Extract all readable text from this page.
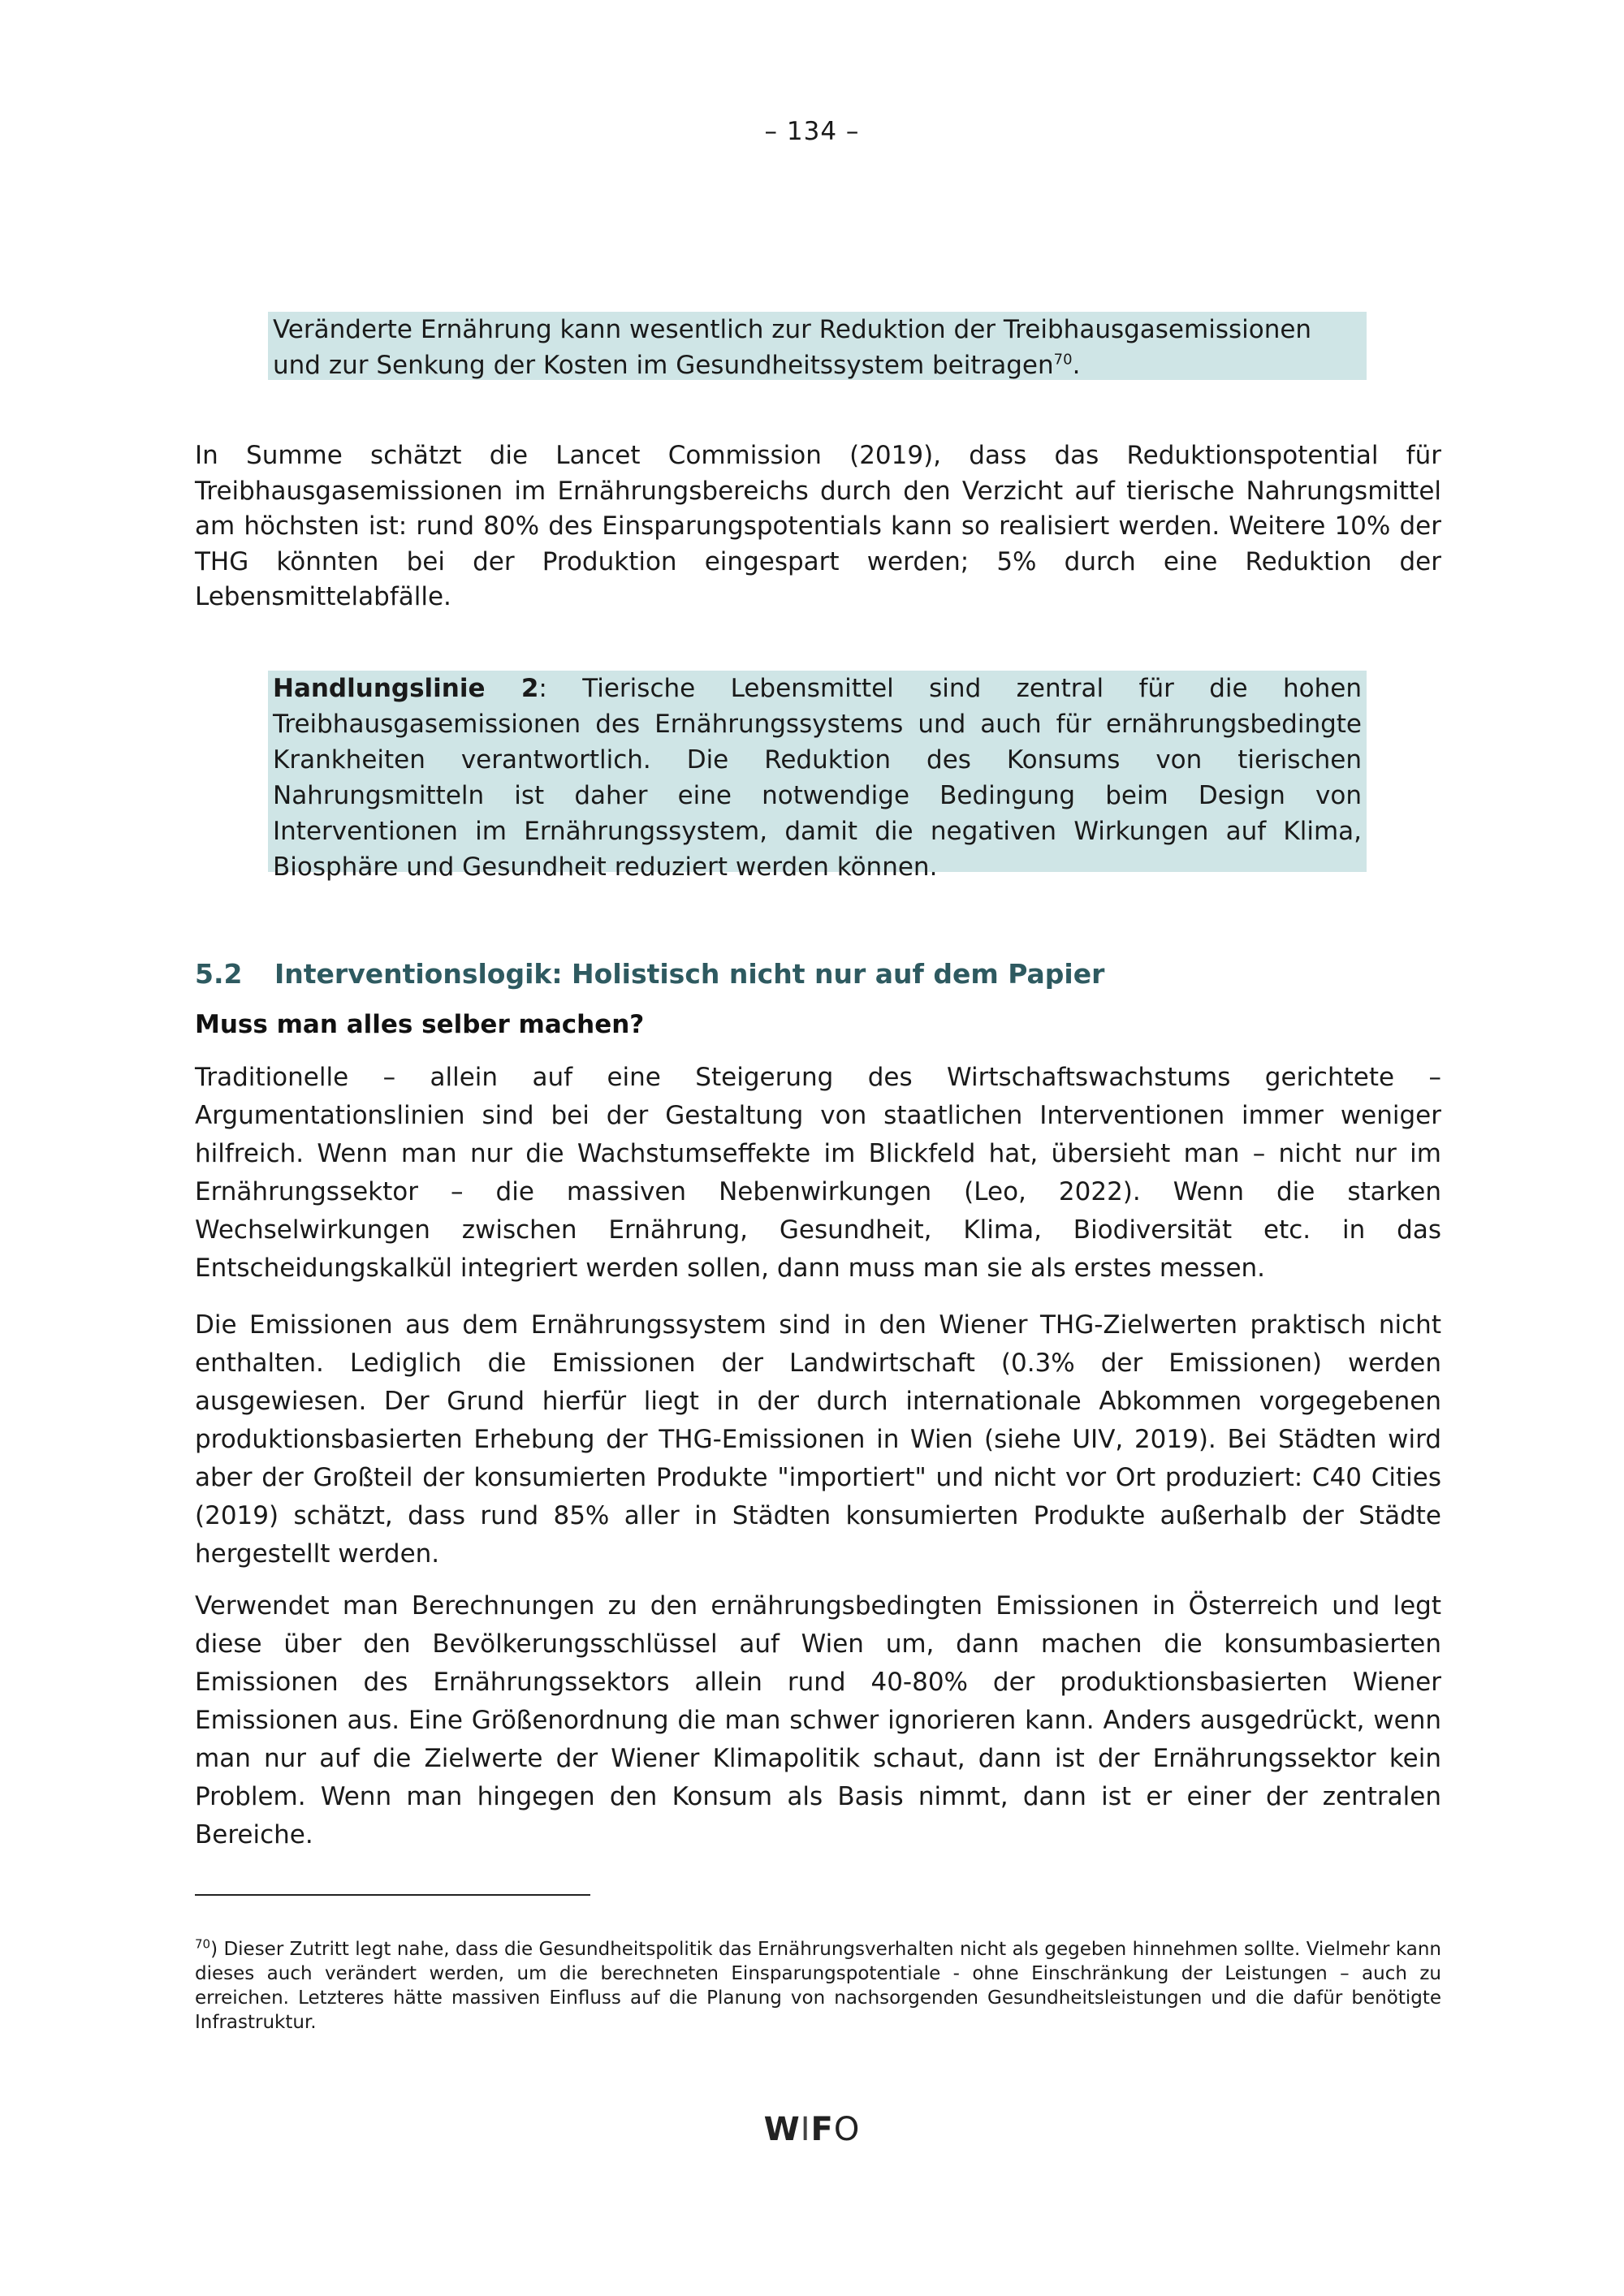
– 134 –

Veränderte Ernährung kann wesentlich zur Reduktion der Treibhausgasemissionen und zur Senkung der Kosten im Gesundheitssystem beitragen$^{70}$.

In Summe schätzt die Lancet Commission (2019), dass das Reduktionspotential für Treibhausgasemissionen im Ernährungsbereichs durch den Verzicht auf tierische Nahrungsmittel am höchsten ist: rund 80% des Einsparungspotentials kann so realisiert werden. Weitere 10% der THG könnten bei der Produktion eingespart werden; 5% durch eine Reduktion der Lebensmittelabfälle.

Handlungslinie 2: Tierische Lebensmittel sind zentral für die hohen Treibhausgasemissionen des Ernährungssystems und auch für ernährungsbedingte Krankheiten verantwortlich. Die Reduktion des Konsums von tierischen Nahrungsmitteln ist daher eine notwendige Bedingung beim Design von Interventionen im Ernährungssystem, damit die negativen Wirkungen auf Klima, Biosphäre und Gesundheit reduziert werden können.

5.2 Interventionslogik: Holistisch nicht nur auf dem Papier
Muss man alles selber machen?

Traditionelle – allein auf eine Steigerung des Wirtschaftswachstums gerichtete – Argumentationslinien sind bei der Gestaltung von staatlichen Interventionen immer weniger hilfreich. Wenn man nur die Wachstumseffekte im Blickfeld hat, übersieht man – nicht nur im Ernährungssektor – die massiven Nebenwirkungen (Leo, 2022). Wenn die starken Wechselwirkungen zwischen Ernährung, Gesundheit, Klima, Biodiversität etc. in das Entscheidungskalkül integriert werden sollen, dann muss man sie als erstes messen.

Die Emissionen aus dem Ernährungssystem sind in den Wiener THG-Zielwerten praktisch nicht enthalten. Lediglich die Emissionen der Landwirtschaft (0.3% der Emissionen) werden ausgewiesen. Der Grund hierfür liegt in der durch internationale Abkommen vorgegebenen produktionsbasierten Erhebung der THG-Emissionen in Wien (siehe UIV, 2019). Bei Städten wird aber der Großteil der konsumierten Produkte "importiert" und nicht vor Ort produziert: C40 Cities (2019) schätzt, dass rund 85% aller in Städten konsumierten Produkte außerhalb der Städte hergestellt werden.

Verwendet man Berechnungen zu den ernährungsbedingten Emissionen in Österreich und legt diese über den Bevölkerungsschlüssel auf Wien um, dann machen die konsumbasierten Emissionen des Ernährungssektors allein rund 40-80% der produktionsbasierten Wiener Emissionen aus. Eine Größenordnung die man schwer ignorieren kann. Anders ausgedrückt, wenn man nur auf die Zielwerte der Wiener Klimapolitik schaut, dann ist der Ernährungssektor kein Problem. Wenn man hingegen den Konsum als Basis nimmt, dann ist er einer der zentralen Bereiche.

$^{70}$) Dieser Zutritt legt nahe, dass die Gesundheitspolitik das Ernährungsverhalten nicht als gegeben hinnehmen sollte. Vielmehr kann dieses auch verändert werden, um die berechneten Einsparungspotentiale - ohne Einschränkung der Leistungen – auch zu erreichen. Letzteres hätte massiven Einfluss auf die Planung von nachsorgenden Gesundheitsleistungen und die dafür benötigte Infrastruktur.

WIFO
